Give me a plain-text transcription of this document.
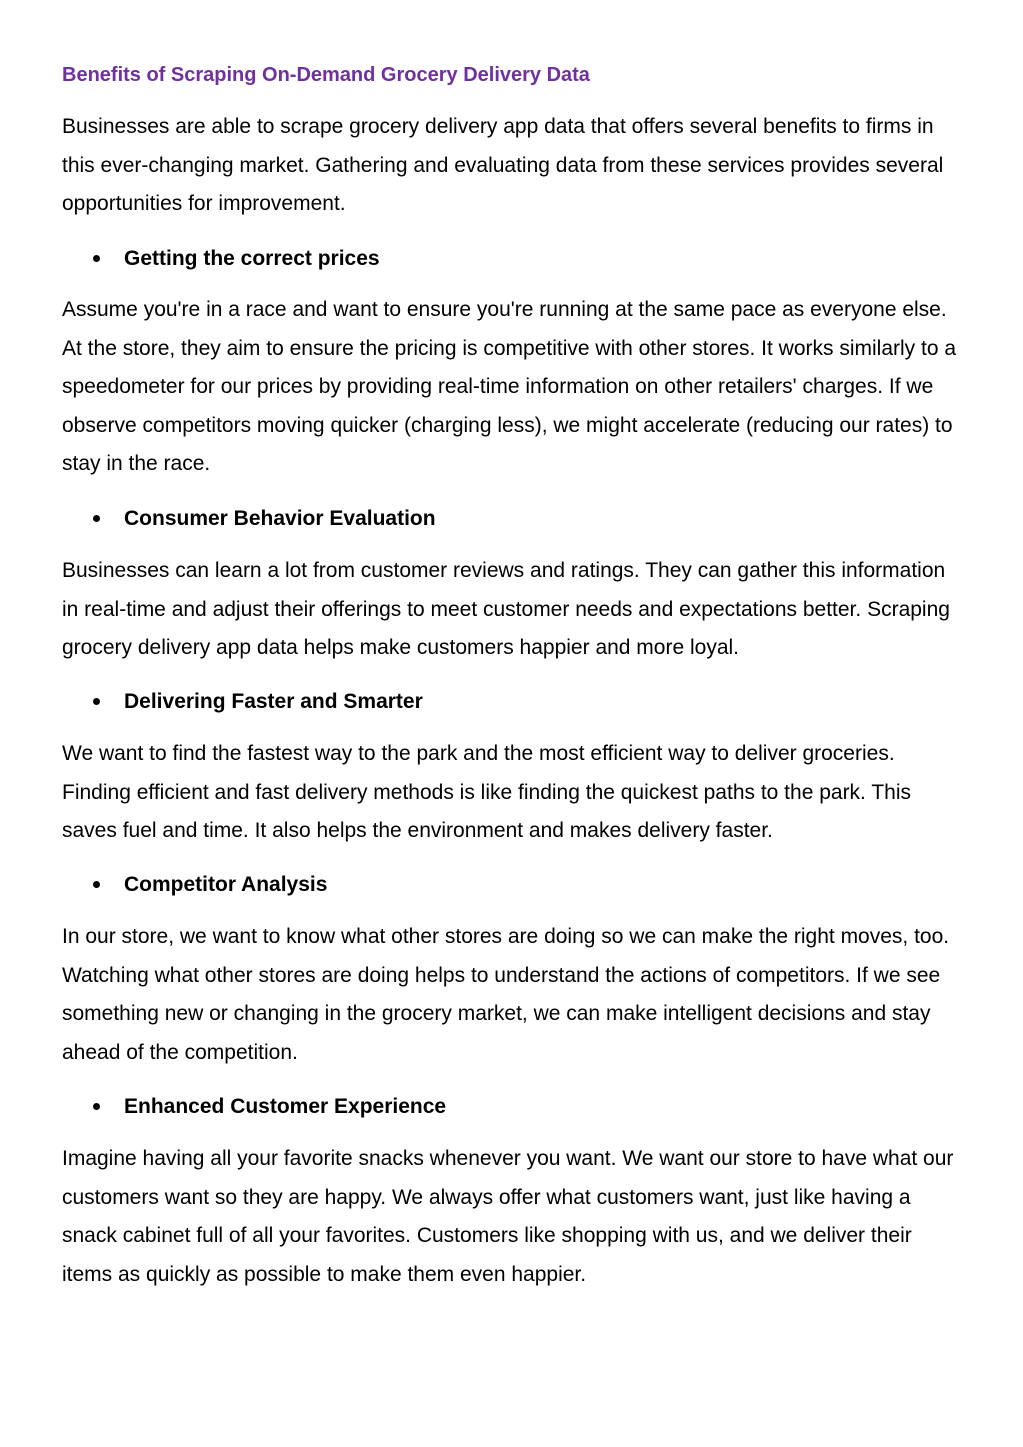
Benefits of Scraping On-Demand Grocery Delivery Data

Businesses are able to scrape grocery delivery app data that offers several benefits to firms in this ever-changing market. Gathering and evaluating data from these services provides several opportunities for improvement.

Getting the correct prices

Assume you're in a race and want to ensure you're running at the same pace as everyone else. At the store, they aim to ensure the pricing is competitive with other stores. It works similarly to a speedometer for our prices by providing real-time information on other retailers' charges. If we observe competitors moving quicker (charging less), we might accelerate (reducing our rates) to stay in the race.

Consumer Behavior Evaluation

Businesses can learn a lot from customer reviews and ratings. They can gather this information in real-time and adjust their offerings to meet customer needs and expectations better. Scraping grocery delivery app data helps make customers happier and more loyal.

Delivering Faster and Smarter

We want to find the fastest way to the park and the most efficient way to deliver groceries. Finding efficient and fast delivery methods is like finding the quickest paths to the park. This saves fuel and time. It also helps the environment and makes delivery faster.

Competitor Analysis

In our store, we want to know what other stores are doing so we can make the right moves, too. Watching what other stores are doing helps to understand the actions of competitors. If we see something new or changing in the grocery market, we can make intelligent decisions and stay ahead of the competition.

Enhanced Customer Experience

Imagine having all your favorite snacks whenever you want. We want our store to have what our customers want so they are happy. We always offer what customers want, just like having a snack cabinet full of all your favorites. Customers like shopping with us, and we deliver their items as quickly as possible to make them even happier.
